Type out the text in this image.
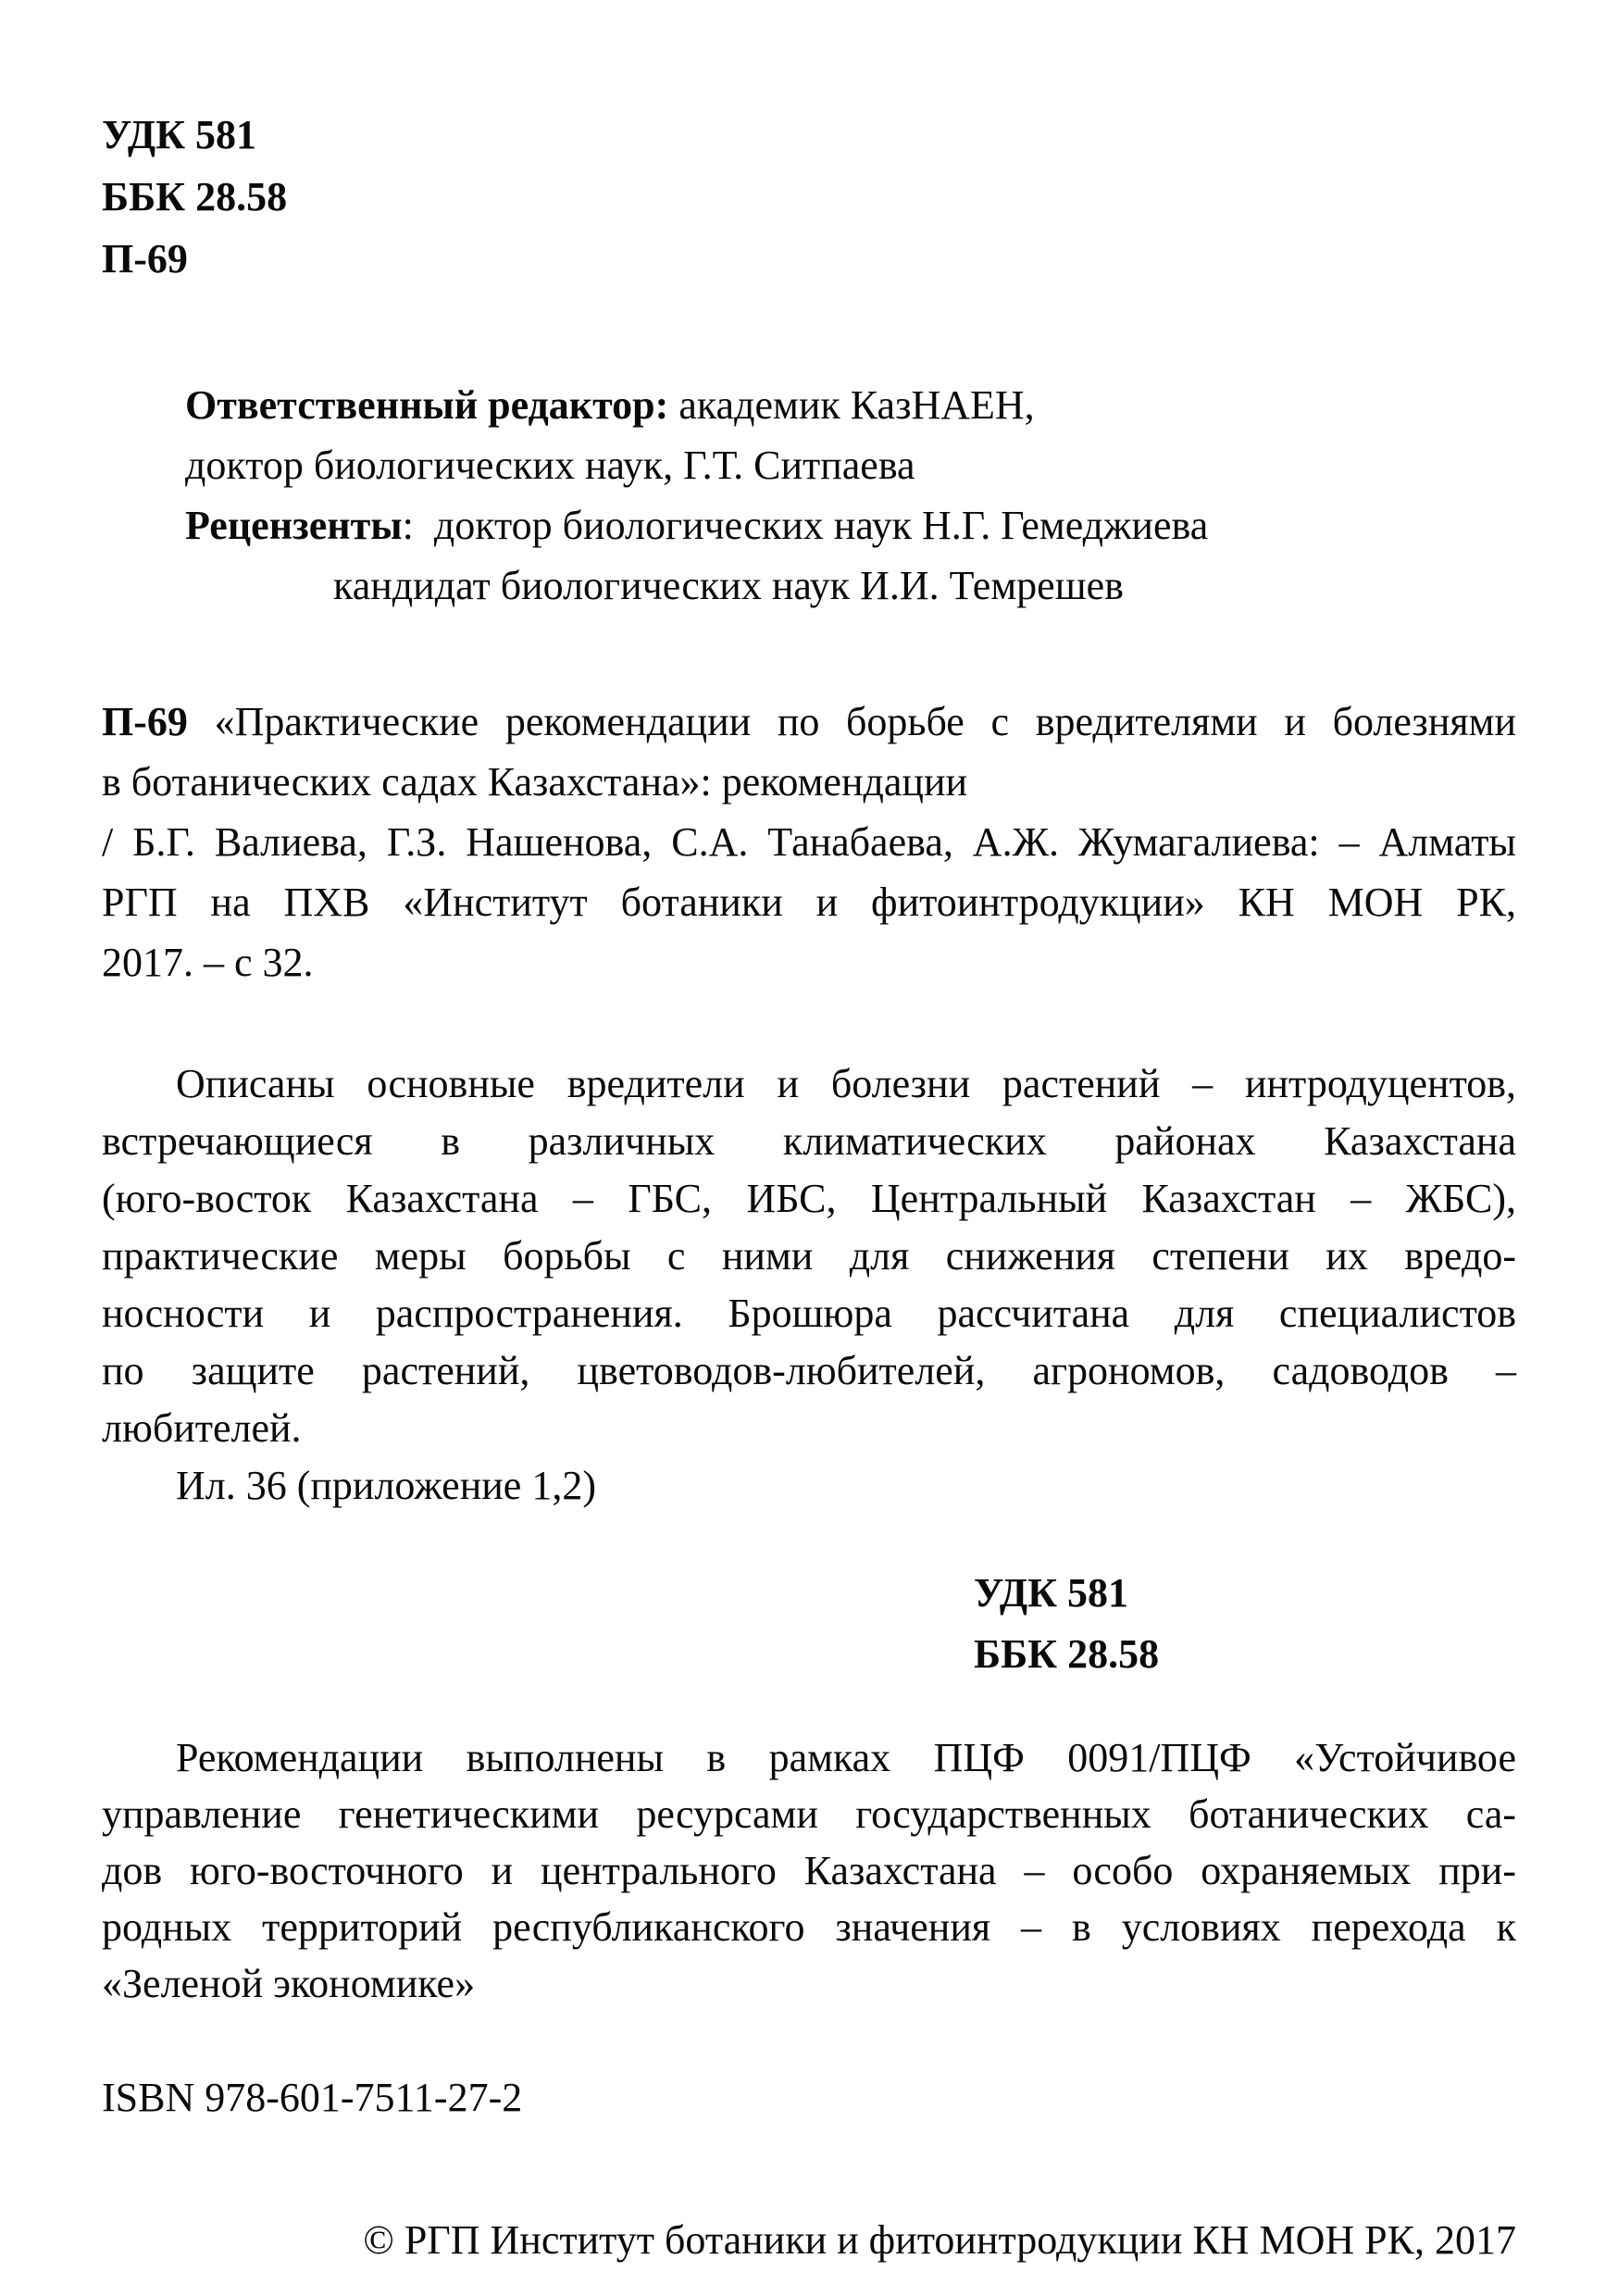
УДК 581
ББК 28.58
П-69
Ответственный редактор: академик КазНАЕН,
доктор биологических наук, Г.Т. Ситпаева
Рецензенты:  доктор биологических наук Н.Г. Гемеджиева
кандидат биологических наук И.И. Темрешев
П-69 «Практические рекомендации по борьбе с вредителями и болезнями
в ботанических садах Казахстана»: рекомендации
/ Б.Г. Валиева, Г.З. Нашенова, С.А. Танабаева, А.Ж. Жумагалиева: – Алматы
РГП на ПХВ «Институт ботаники и фитоинтродукции» КН МОН РК,
2017. – с 32.
Описаны основные вредители и болезни растений – интродуцентов,
встречающиеся в различных климатических районах Казахстана
(юго-восток Казахстана – ГБС, ИБС, Центральный Казахстан – ЖБС),
практические меры борьбы с ними для снижения степени их вредо-
носности и распространения. Брошюра рассчитана для специалистов
по защите растений, цветоводов-любителей, агрономов, садоводов –
любителей.
Ил. 36 (приложение 1,2)
УДК 581
ББК 28.58
Рекомендации выполнены в рамках ПЦФ 0091/ПЦФ «Устойчивое
управление генетическими ресурсами государственных ботанических са-
дов юго-восточного и центрального Казахстана – особо охраняемых при-
родных территорий республиканского значения – в условиях перехода к
«Зеленой экономике»
ISBN 978-601-7511-27-2
© РГП Институт ботаники и фитоинтродукции КН МОН РК, 2017
